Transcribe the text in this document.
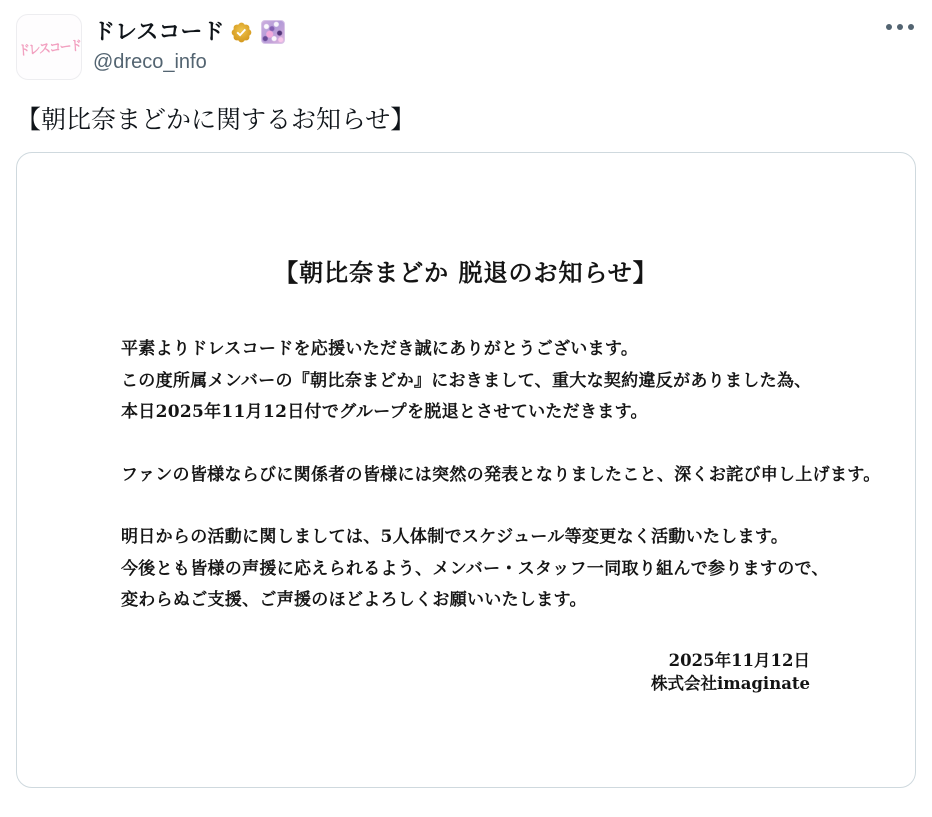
ドレスコード
ドレスコード
@dreco_info
【朝比奈まどかに関するお知らせ】
【朝比奈まどか 脱退のお知らせ】
平素よりドレスコードを応援いただき誠にありがとうございます。
この度所属メンバーの『朝比奈まどか』におきまして、重大な契約違反がありました為、
本日2025年11月12日付でグループを脱退とさせていただきます。
ファンの皆様ならびに関係者の皆様には突然の発表となりましたこと、深くお詫び申し上げます。
明日からの活動に関しましては、5人体制でスケジュール等変更なく活動いたします。
今後とも皆様の声援に応えられるよう、メンバー・スタッフ一同取り組んで参りますので、
変わらぬご支援、ご声援のほどよろしくお願いいたします。
2025年11月12日
株式会社imaginate
